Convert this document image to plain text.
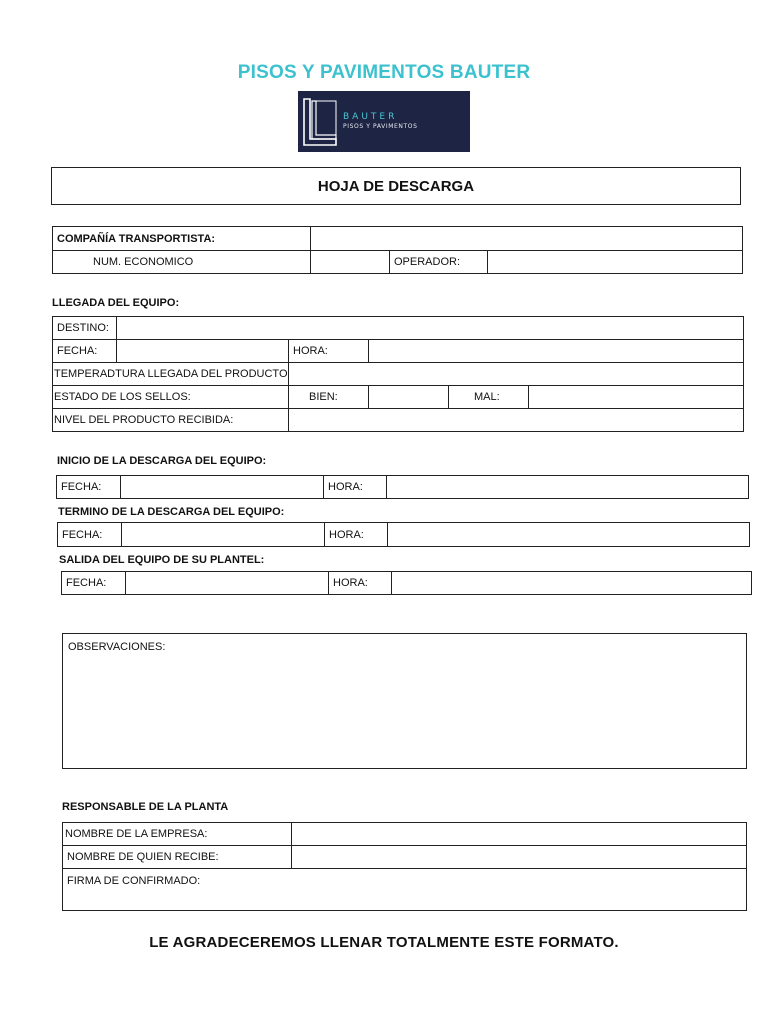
PISOS Y PAVIMENTOS BAUTER
BAUTER
PISOS Y PAVIMENTOS
HOJA DE DESCARGA
COMPAÑÍA TRANSPORTISTA:			
NUM. ECONOMICO		OPERADOR:	
LLEGADA DEL EQUIPO:
DESTINO:					
FECHA:		HORA:			
TEMPERADTURA LLEGADA DEL PRODUCTO					
ESTADO DE LOS SELLOS:		BIEN:		MAL:	
NIVEL DEL PRODUCTO RECIBIDA:					
INICIO DE LA DESCARGA DEL EQUIPO:
FECHA:		HORA:	
TERMINO DE LA DESCARGA DEL EQUIPO:
FECHA:		HORA:	
SALIDA DEL EQUIPO DE SU PLANTEL:
FECHA:		HORA:	
OBSERVACIONES:
RESPONSABLE DE LA PLANTA
NOMBRE DE LA EMPRESA:	
NOMBRE DE QUIEN RECIBE:	

FIRMA DE CONFIRMADO:	
LE AGRADECEREMOS LLENAR TOTALMENTE ESTE FORMATO.
